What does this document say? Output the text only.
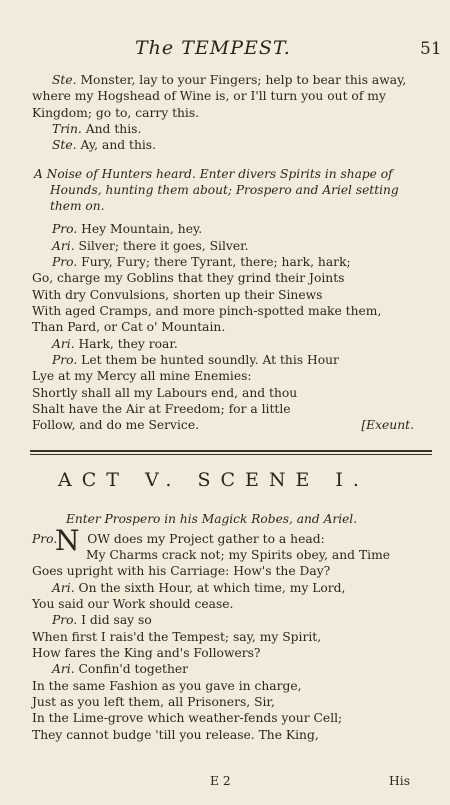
The TEMPEST.	51
Ste. Monster, lay to your Fingers; help to bear this away,
where my Hogshead of Wine is, or I'll turn you out of my
Kingdom; go to, carry this.
Trin. And this.
Ste. Ay, and this.
A Noise of Hunters heard. Enter divers Spirits in shape of
Hounds, hunting them about; Prospero and Ariel setting
them on.
Pro. Hey Mountain, hey.
Ari. Silver; there it goes, Silver.
Pro. Fury, Fury; there Tyrant, there; hark, hark;
Go, charge my Goblins that they grind their Joints
With dry Convulsions, shorten up their Sinews
With aged Cramps, and more pinch-spotted make them,
Than Pard, or Cat o' Mountain.
Ari. Hark, they roar.
Pro. Let them be hunted soundly. At this Hour
Lye at my Mercy all mine Enemies:
Shortly shall all my Labours end, and thou
Shalt have the Air at Freedom; for a little
Follow, and do me Service.	[Exeunt.
ACT V. SCENE I.
Enter Prospero in his Magick Robes, and Ariel.
Pro. OW does my Project gather to a head:
N My Charms crack not; my Spirits obey, and Time
Goes upright with his Carriage: How's the Day?
Ari. On the sixth Hour, at which time, my Lord,
You said our Work should cease.
Pro. I did say so
When first I rais'd the Tempest; say, my Spirit,
How fares the King and's Followers?
Ari. Confin'd together
In the same Fashion as you gave in charge,
Just as you left them, all Prisoners, Sir,
In the Lime-grove which weather-fends your Cell;
They cannot budge 'till you release. The King,
E 2	His
